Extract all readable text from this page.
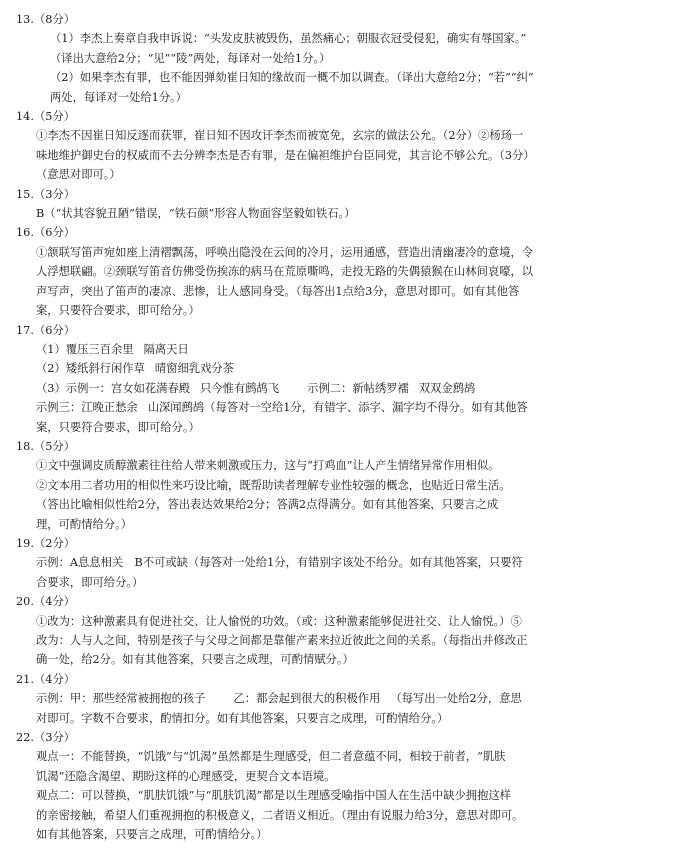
13.（8分）
（1）李杰上奏章自我申诉说：“头发皮肤被毁伤，虽然痛心；朝服衣冠受侵犯，确实有辱国家。”
（译出大意给2分；“见”“陵”两处，每译对一处给1分。）
（2）如果李杰有罪，也不能因弹劾崔日知的缘故而一概不加以调查。（译出大意给2分；“若”“纠”
两处，每译对一处给1分。）
14.（5分）
①李杰不因崔日知反逐而获罪，崔日知不因攻讦李杰而被宽免，玄宗的做法公允。（2分）②杨玚一
味地维护御史台的权威而不去分辨李杰是否有罪，是在偏袒维护台臣同党，其言论不够公允。（3分）
（意思对即可。）
15.（3分）
B（“状其容貌丑陋”错误，“铁石颜”形容人物面容坚毅如铁石。）
16.（6分）
①颔联写笛声宛如座上清褶飘荡，呼唤出隐没在云间的冷月，运用通感，营造出清幽凄冷的意境，令
人浮想联翩。②颈联写笛音仿佛受伤挨冻的病马在荒原嘶鸣，走投无路的失偶猿猴在山林间哀嚎，以
声写声，突出了笛声的凄凉、悲惨，让人感同身受。（每答出1点给3分，意思对即可。如有其他答
案，只要符合要求，即可给分。）
17.（6分）
（1）覆压三百余里 隔离天日
（2）矮纸斜行闲作草 晴窗细乳戏分茶
（3）示例一：宫女如花满春殿 只今惟有鹧鸪飞 示例二：新帖绣罗襦 双双金鹧鸪
示例三：江晚正愁余 山深闻鹧鸪（每答对一空给1分，有错字、添字、漏字均不得分。如有其他答
案，只要符合要求，即可给分。）
18.（5分）
①文中强调皮质醇激素往往给人带来刺激或压力，这与“打鸡血”让人产生情绪异常作用相似。
②文本用二者功用的相似性来巧设比喻，既帮助读者理解专业性较强的概念，也贴近日常生活。
（答出比喻相似性给2分，答出表达效果给2分；答满2点得满分。如有其他答案，只要言之成
理，可酌情给分。）
19.（2分）
示例：A息息相关　B不可或缺（每答对一处给1分，有错别字该处不给分。如有其他答案，只要符
合要求，即可给分。）
20.（4分）
①改为：这种激素具有促进社交、让人愉悦的功效。（或：这种激素能够促进社交、让人愉悦。）⑤
改为：人与人之间，特别是孩子与父母之间都是靠催产素来拉近彼此之间的关系。（每指出并修改正
确一处，给2分。如有其他答案，只要言之成理，可酌情赋分。）
21.（4分）
示例：甲：那些经常被拥抱的孩子 乙：都会起到很大的积极作用 （每写出一处给2分，意思
对即可。字数不合要求，酌情扣分。如有其他答案，只要言之成理，可酌情给分。）
22.（3分）
观点一：不能替换，“饥饿”与“饥渴”虽然都是生理感受，但二者意蕴不同，相较于前者，“肌肤
饥渴”还隐含渴望、期盼这样的心理感受，更契合文本语境。
观点二：可以替换，“肌肤饥饿”与“肌肤饥渴”都是以生理感受喻指中国人在生活中缺少拥抱这样
的亲密接触，希望人们重视拥抱的积极意义，二者语义相近。（理由有说服力给3分，意思对即可。
如有其他答案，只要言之成理，可酌情给分。）
